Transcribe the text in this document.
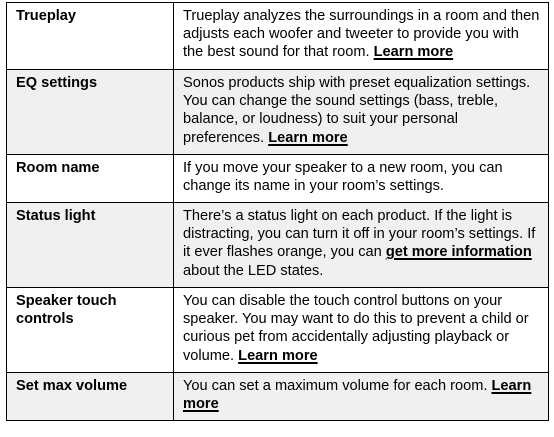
Trueplay	Trueplay analyzes the surroundings in a room and then adjusts each woofer and tweeter to provide you with the best sound for that room. Learn more
EQ settings	Sonos products ship with preset equalization settings. You can change the sound settings (bass, treble, balance, or loudness) to suit your personal preferences. Learn more
Room name	If you move your speaker to a new room, you can change its name in your room’s settings.
Status light	There’s a status light on each product. If the light is distracting, you can turn it off in your room’s settings. If it ever flashes orange, you can get more information about the LED states.
Speaker touch controls	You can disable the touch control buttons on your speaker. You may want to do this to prevent a child or curious pet from accidentally adjusting playback or volume. Learn more
Set max volume	You can set a maximum volume for each room. Learn more
